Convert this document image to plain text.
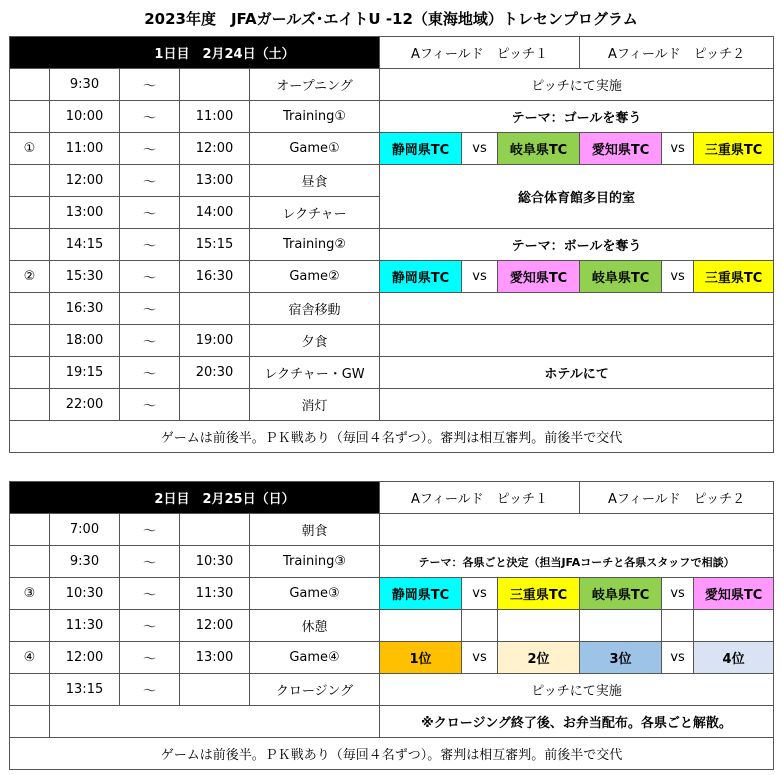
2023年度　JFAガールズ･エイトU -12（東海地域）トレセンプログラム
1日目　2月24日（土）					Aフィールド　ピッチ１			Aフィールド　ピッチ２		
	9:30	～		オープニング	ピッチにて実施					
	10:00	～	11:00	Training①	テーマ：ゴールを奪う					
①	11:00	～	12:00	Game①	静岡県TC	vs	岐阜県TC	愛知県TC	vs	三重県TC
	12:00	～	13:00	昼食	総合体育館多目的室					
	13:00	～	14:00	レクチャー						
	14:15	～	15:15	Training②	テーマ：ボールを奪う					
②	15:30	～	16:30	Game②	静岡県TC	vs	愛知県TC	岐阜県TC	vs	三重県TC
	16:30	～		宿舎移動						
	18:00	～	19:00	夕食						
	19:15	～	20:30	レクチャー・GW	ホテルにて					
	22:00	～		消灯						
ゲームは前後半。ＰＫ戦あり（毎回４名ずつ）。審判は相互審判。前後半で交代										
2日目　2月25日（日）					Aフィールド　ピッチ１			Aフィールド　ピッチ２		
	7:00	～		朝食						
	9:30	～	10:30	Training③	テーマ：各県ごと決定（担当JFAコーチと各県スタッフで相談）					
③	10:30	～	11:30	Game③	静岡県TC	vs	三重県TC	岐阜県TC	vs	愛知県TC
	11:30	～	12:00	休憩						
④	12:00	～	13:00	Game④	1位	vs	2位	3位	vs	4位
	13:15	～		クロージング	ピッチにて実施					
					※クロージング終了後、お弁当配布。各県ごと解散。					
ゲームは前後半。ＰＫ戦あり（毎回４名ずつ）。審判は相互審判。前後半で交代										
